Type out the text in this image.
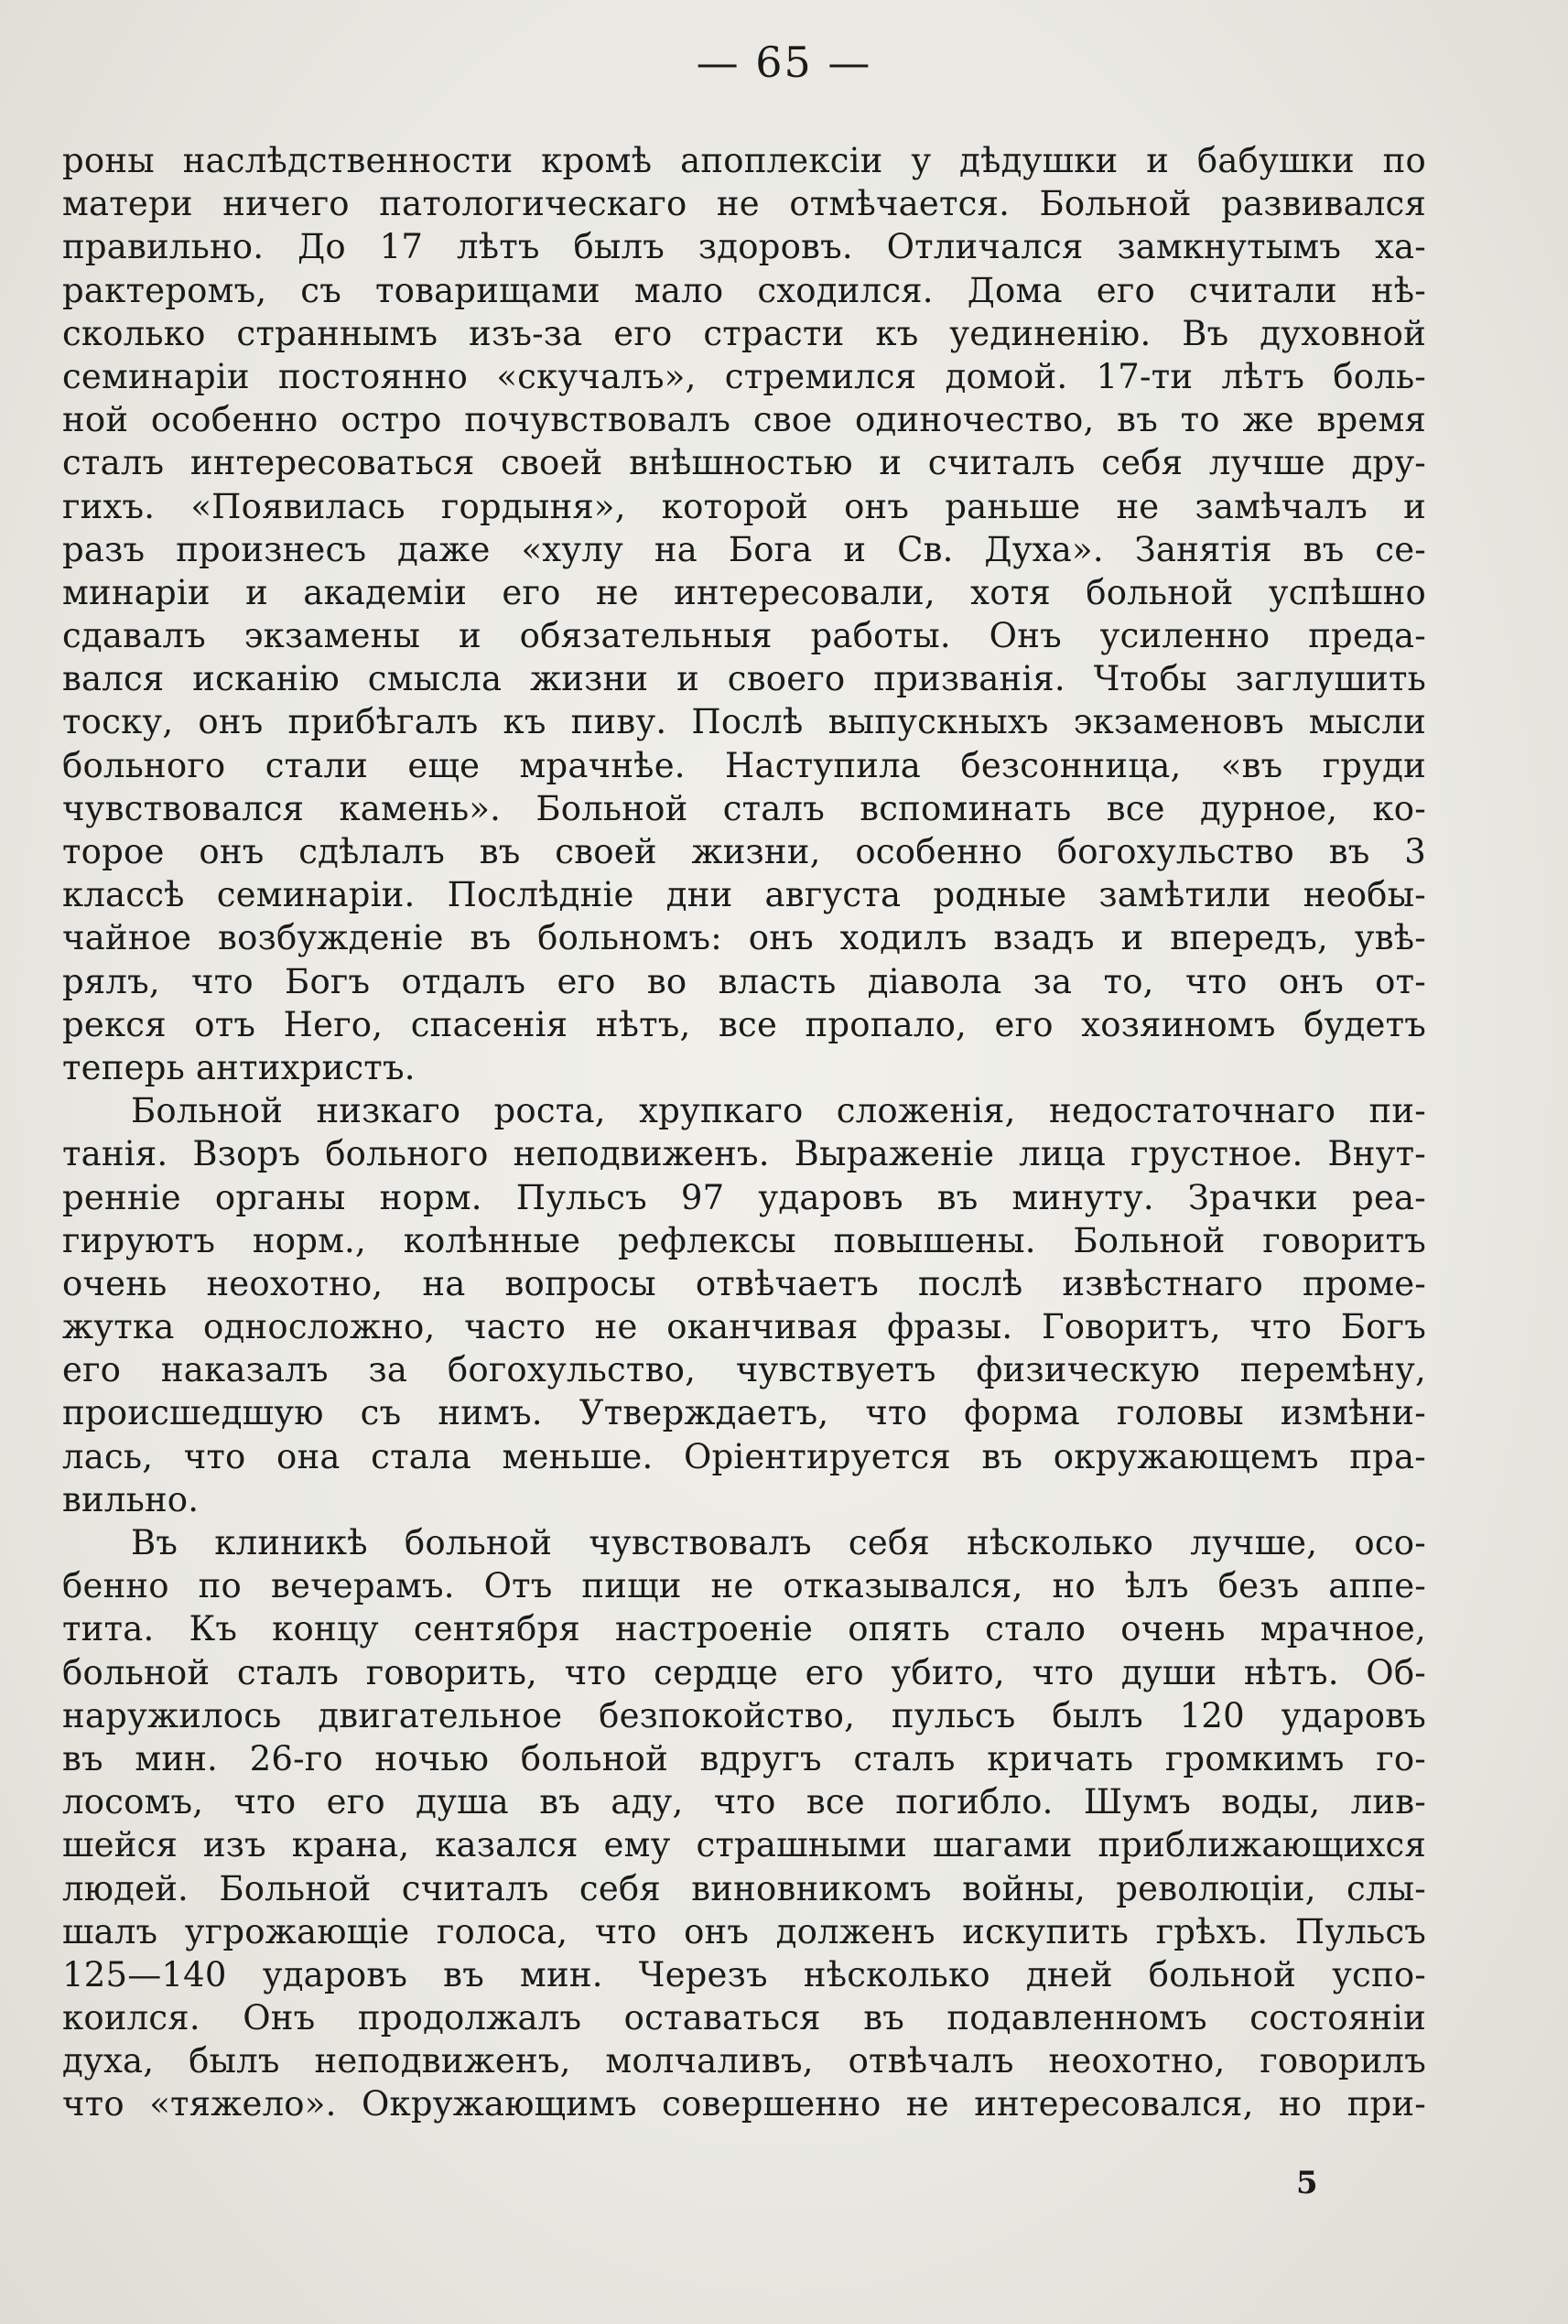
— 65 —
роны наслѣдственности кромѣ апоплексіи у дѣдушки и бабушки по
матери ничего патологическаго не отмѣчается. Больной развивался
правильно. До 17 лѣтъ былъ здоровъ. Отличался замкнутымъ ха-
рактеромъ, съ товарищами мало сходился. Дома его считали нѣ-
сколько страннымъ изъ-за его страсти къ уединенію. Въ духовной
семинаріи постоянно «скучалъ», стремился домой. 17-ти лѣтъ боль-
ной особенно остро почувствовалъ свое одиночество, въ то же время
сталъ интересоваться своей внѣшностью и считалъ себя лучше дру-
гихъ. «Появилась гордыня», которой онъ раньше не замѣчалъ и
разъ произнесъ даже «хулу на Бога и Св. Духа». Занятія въ се-
минаріи и академіи его не интересовали, хотя больной успѣшно
сдавалъ экзамены и обязательныя работы. Онъ усиленно преда-
вался исканію смысла жизни и своего призванія. Чтобы заглушить
тоску, онъ прибѣгалъ къ пиву. Послѣ выпускныхъ экзаменовъ мысли
больного стали еще мрачнѣе. Наступила безсонница, «въ груди
чувствовался камень». Больной сталъ вспоминать все дурное, ко-
торое онъ сдѣлалъ въ своей жизни, особенно богохульство въ 3
классѣ семинаріи. Послѣдніе дни августа родные замѣтили необы-
чайное возбужденіе въ больномъ: онъ ходилъ взадъ и впередъ, увѣ-
рялъ, что Богъ отдалъ его во власть діавола за то, что онъ от-
рекся отъ Него, спасенія нѣтъ, все пропало, его хозяиномъ будетъ
теперь антихристъ.
Больной низкаго роста, хрупкаго сложенія, недостаточнаго пи-
танія. Взоръ больного неподвиженъ. Выраженіе лица грустное. Внут-
ренніе органы норм. Пульсъ 97 ударовъ въ минуту. Зрачки реа-
гируютъ норм., колѣнные рефлексы повышены. Больной говоритъ
очень неохотно, на вопросы отвѣчаетъ послѣ извѣстнаго проме-
жутка односложно, часто не оканчивая фразы. Говоритъ, что Богъ
его наказалъ за богохульство, чувствуетъ физическую перемѣну,
происшедшую съ нимъ. Утверждаетъ, что форма головы измѣни-
лась, что она стала меньше. Оріентируется въ окружающемъ пра-
вильно.
Въ клиникѣ больной чувствовалъ себя нѣсколько лучше, осо-
бенно по вечерамъ. Отъ пищи не отказывался, но ѣлъ безъ аппе-
тита. Къ концу сентября настроеніе опять стало очень мрачное,
больной сталъ говорить, что сердце его убито, что души нѣтъ. Об-
наружилось двигательное безпокойство, пульсъ былъ 120 ударовъ
въ мин. 26-го ночью больной вдругъ сталъ кричать громкимъ го-
лосомъ, что его душа въ аду, что все погибло. Шумъ воды, лив-
шейся изъ крана, казался ему страшными шагами приближающихся
людей. Больной считалъ себя виновникомъ войны, революціи, слы-
шалъ угрожающіе голоса, что онъ долженъ искупить грѣхъ. Пульсъ
125—140 ударовъ въ мин. Черезъ нѣсколько дней больной успо-
коился. Онъ продолжалъ оставаться въ подавленномъ состояніи
духа, былъ неподвиженъ, молчаливъ, отвѣчалъ неохотно, говорилъ
что «тяжело». Окружающимъ совершенно не интересовался, но при-
5
